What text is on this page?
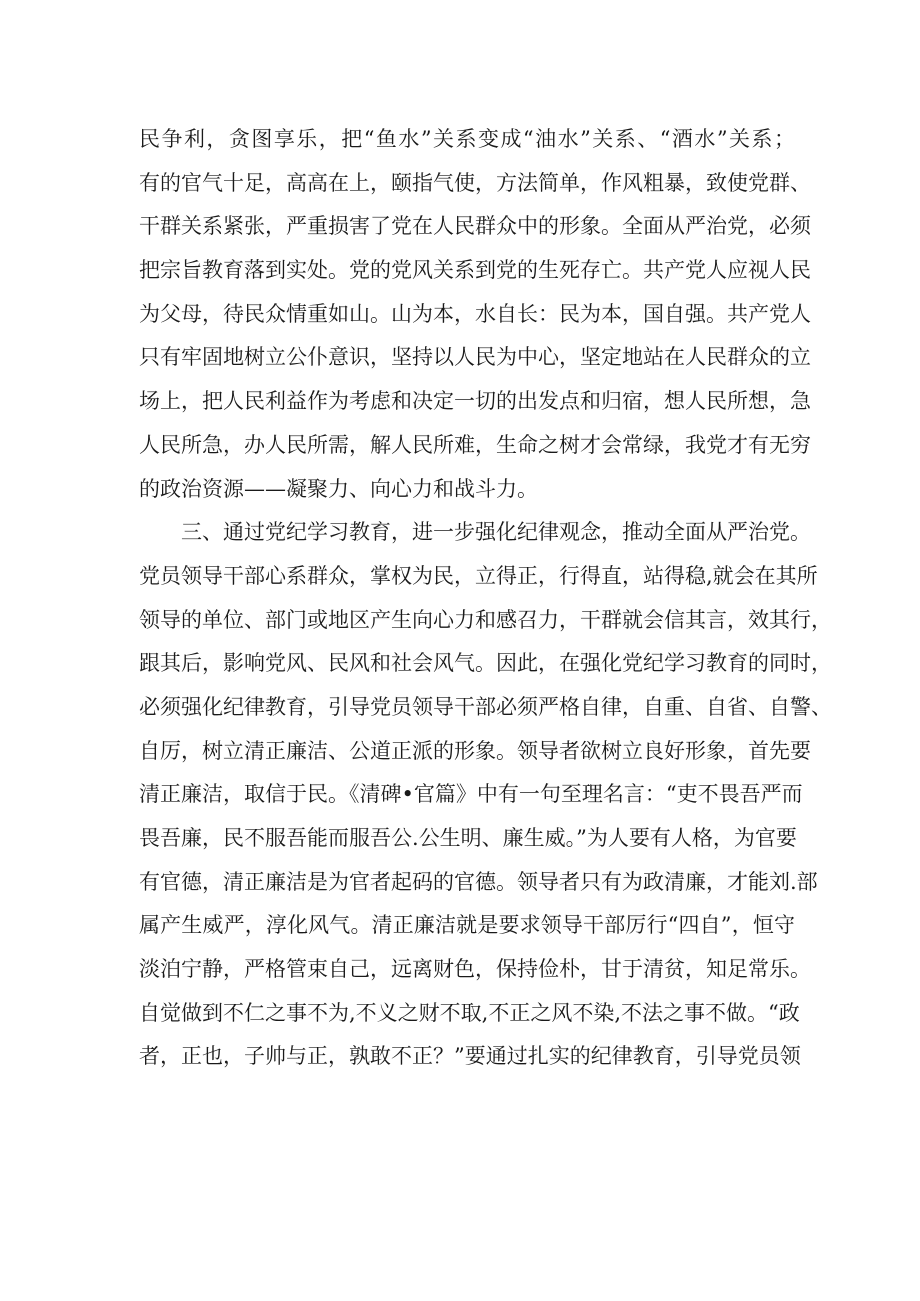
民争利，贪图享乐，把“鱼水”关系变成“油水”关系、“酒水”关系；
有的官气十足，高高在上，颐指气使，方法简单，作风粗暴，致使党群、
干群关系紧张，严重损害了党在人民群众中的形象。全面从严治党，必须
把宗旨教育落到实处。党的党风关系到党的生死存亡。共产党人应视人民
为父母，待民众情重如山。山为本，水自长：民为本，国自强。共产党人
只有牢固地树立公仆意识，坚持以人民为中心，坚定地站在人民群众的立
场上，把人民利益作为考虑和决定一切的出发点和归宿，想人民所想，急
人民所急，办人民所需，解人民所难，生命之树才会常绿，我党才有无穷
的政治资源——凝聚力、向心力和战斗力。
三、通过党纪学习教育，进一步强化纪律观念，推动全面从严治党。
党员领导干部心系群众，掌权为民，立得正，行得直，站得稳,就会在其所
领导的单位、部门或地区产生向心力和感召力，干群就会信其言，效其行，
跟其后，影响党风、民风和社会风气。因此，在强化党纪学习教育的同时，
必须强化纪律教育，引导党员领导干部必须严格自律，自重、自省、自警、
自厉，树立清正廉洁、公道正派的形象。领导者欲树立良好形象，首先要
清正廉洁，取信于民。《清碑•官篇》中有一句至理名言：“吏不畏吾严而
畏吾廉，民不服吾能而服吾公.公生明、廉生威。”为人要有人格，为官要
有官德，清正廉洁是为官者起码的官德。领导者只有为政清廉，才能刘.部
属产生威严，淳化风气。清正廉洁就是要求领导干部厉行“四自”，恒守
淡泊宁静，严格管束自己，远离财色，保持俭朴，甘于清贫，知足常乐。
自觉做到不仁之事不为,不义之财不取,不正之风不染,不法之事不做。“政
者，正也，子帅与正，孰敢不正？”要通过扎实的纪律教育，引导党员领
